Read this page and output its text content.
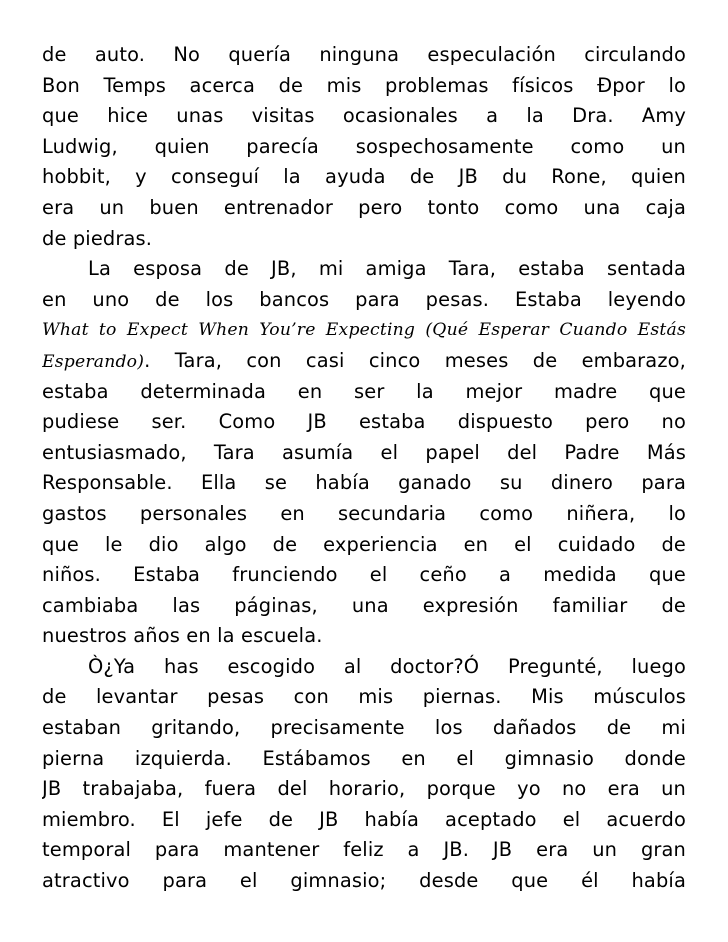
de auto. No quería ninguna especulación circulando
Bon Temps acerca de mis problemas físicos Ðpor lo
que hice unas visitas ocasionales a la Dra. Amy
Ludwig, quien parecía sospechosamente como un
hobbit, y conseguí la ayuda de JB du Rone, quien
era un buen entrenador pero tonto como una caja
de piedras.
La esposa de JB, mi amiga Tara, estaba sentada
en uno de los bancos para pesas. Estaba leyendo
What to Expect When You’re Expecting (Qué Esperar Cuando Estás
Esperando). Tara, con casi cinco meses de embarazo,
estaba determinada en ser la mejor madre que
pudiese ser. Como JB estaba dispuesto pero no
entusiasmado, Tara asumía el papel del Padre Más
Responsable. Ella se había ganado su dinero para
gastos personales en secundaria como niñera, lo
que le dio algo de experiencia en el cuidado de
niños. Estaba frunciendo el ceño a medida que
cambiaba las páginas, una expresión familiar de
nuestros años en la escuela.
Ò¿Ya has escogido al doctor?Ó Pregunté, luego
de levantar pesas con mis piernas. Mis músculos
estaban gritando, precisamente los dañados de mi
pierna izquierda. Estábamos en el gimnasio donde
JB trabajaba, fuera del horario, porque yo no era un
miembro. El jefe de JB había aceptado el acuerdo
temporal para mantener feliz a JB. JB era un gran
atractivo para el gimnasio; desde que él había
